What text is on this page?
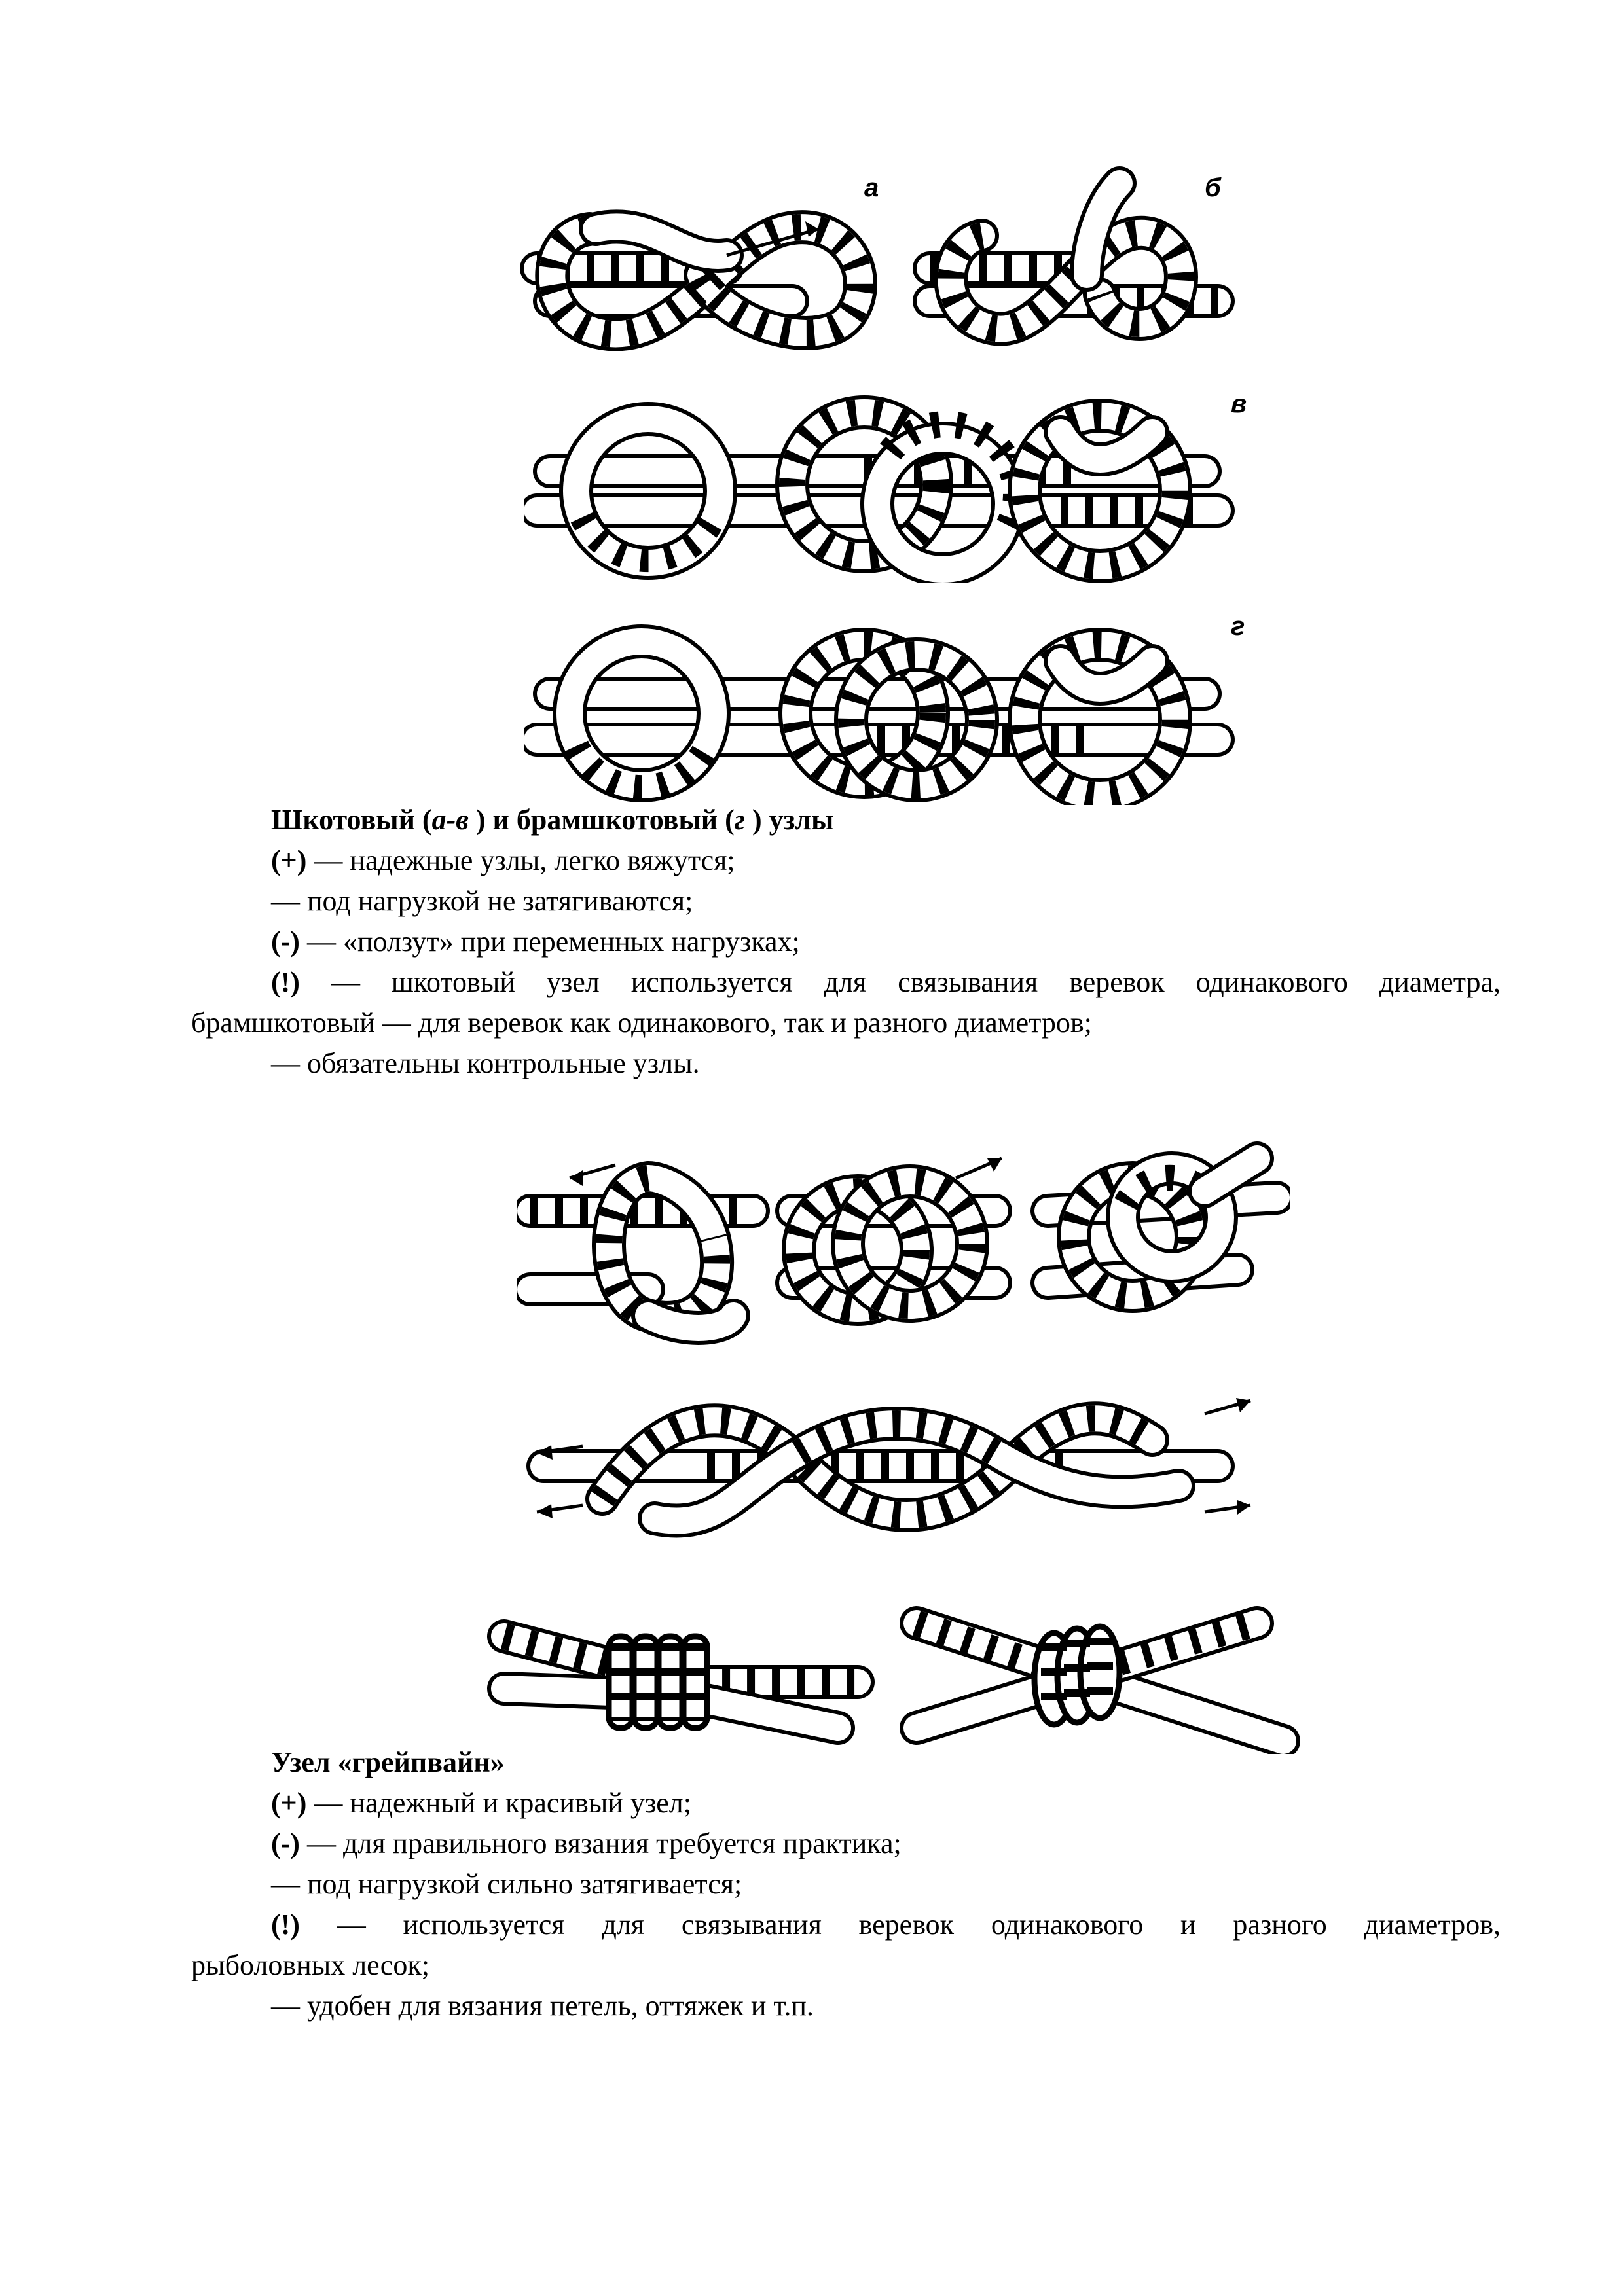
а	б
в
г
Шкотовый (а-в ) и брамшкотовый (г ) узлы
(+) — надежные узлы, легко вяжутся;
— под нагрузкой не затягиваются;
(-) — «ползут» при переменных нагрузках;
(!) — шкотовый узел используется для связывания веревок одинакового диаметра,
брамшкотовый — для веревок как одинакового, так и разного диаметров;
— обязательны контрольные узлы.
Узел «грейпвайн»
(+) — надежный и красивый узел;
(-) — для правильного вязания требуется практика;
— под нагрузкой сильно затягивается;
(!) — используется для связывания веревок одинакового и разного диаметров,
рыболовных лесок;
— удобен для вязания петель, оттяжек и т.п.
